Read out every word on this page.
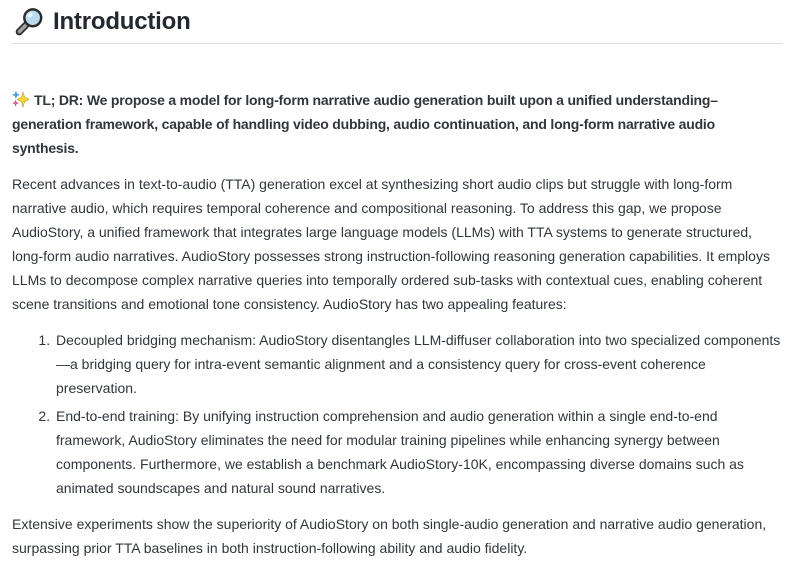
Introduction

TL; DR: We propose a model for long-form narrative audio generation built upon a unified understanding–generation framework, capable of handling video dubbing, audio continuation, and long-form narrative audio synthesis.

Recent advances in text-to-audio (TTA) generation excel at synthesizing short audio clips but struggle with long-form narrative audio, which requires temporal coherence and compositional reasoning. To address this gap, we propose AudioStory, a unified framework that integrates large language models (LLMs) with TTA systems to generate structured, long-form audio narratives. AudioStory possesses strong instruction-following reasoning generation capabilities. It employs LLMs to decompose complex narrative queries into temporally ordered sub-tasks with contextual cues, enabling coherent scene transitions and emotional tone consistency. AudioStory has two appealing features:

1. Decoupled bridging mechanism: AudioStory disentangles LLM-diffuser collaboration into two specialized components—a bridging query for intra-event semantic alignment and a consistency query for cross-event coherence preservation.
2. End-to-end training: By unifying instruction comprehension and audio generation within a single end-to-end framework, AudioStory eliminates the need for modular training pipelines while enhancing synergy between components. Furthermore, we establish a benchmark AudioStory-10K, encompassing diverse domains such as animated soundscapes and natural sound narratives.

Extensive experiments show the superiority of AudioStory on both single-audio generation and narrative audio generation, surpassing prior TTA baselines in both instruction-following ability and audio fidelity.
